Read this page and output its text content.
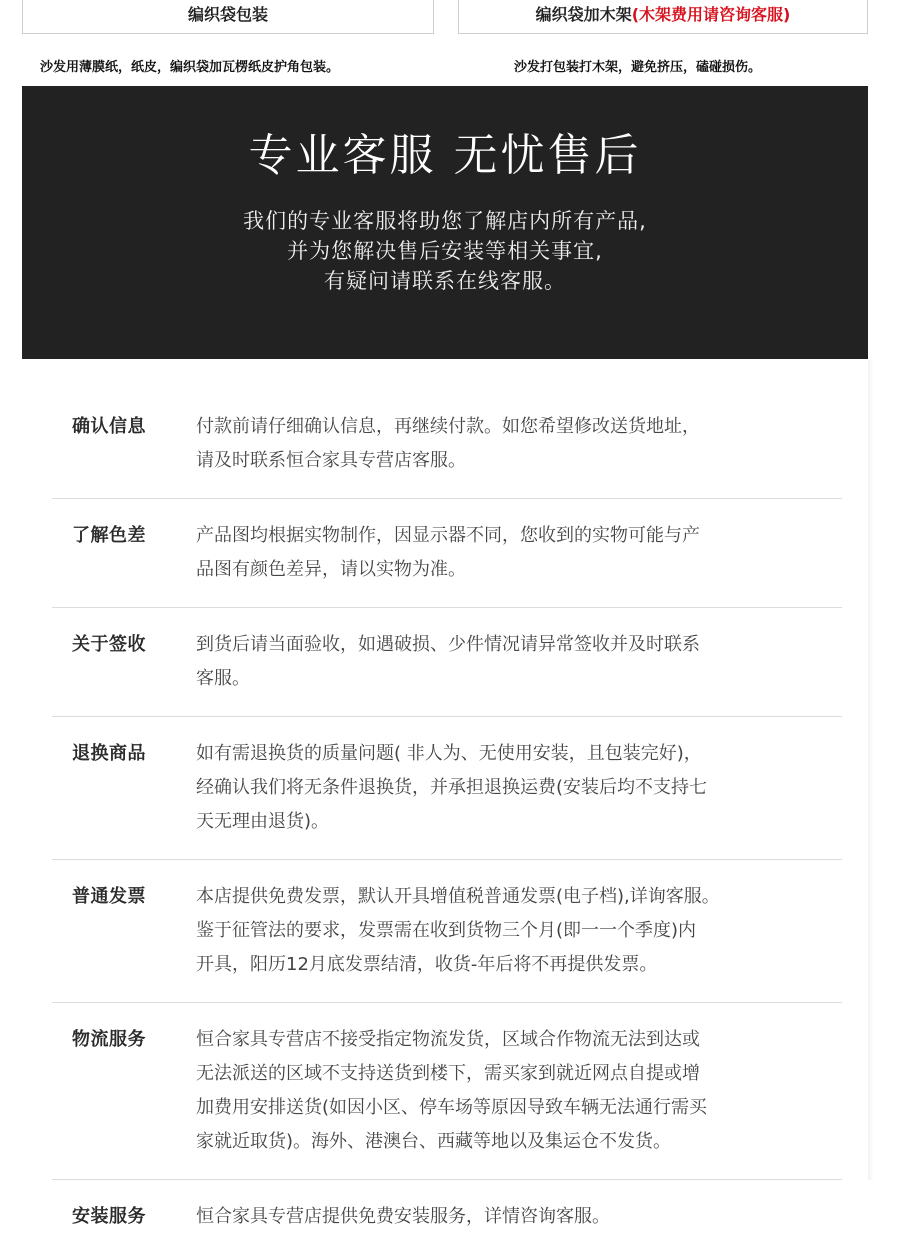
编织袋包装	编织袋加木架 (木架费用请咨询客服)
沙发用薄膜纸，纸皮，编织袋加瓦楞纸皮护角包装。	沙发打包装打木架，避免挤压，磕碰损伤。
专业客服 无忧售后
我们的专业客服将助您了解店内所有产品,
并为您解决售后安装等相关事宜,
有疑问请联系在线客服。
确认信息	付款前请仔细确认信息，再继续付款。如您希望修改送货地址，
请及时联系恒合家具专营店客服。
了解色差	产品图均根据实物制作，因显示器不同，您收到的实物可能与产
品图有颜色差异，请以实物为准。
关于签收	到货后请当面验收，如遇破损、少件情况请异常签收并及时联系
客服。
退换商品	如有需退换货的质量问题( 非人为、无使用安装，且包装完好)，
经确认我们将无条件退换货，并承担退换运费(安装后均不支持七
天无理由退货)。
普通发票	本店提供免费发票，默认开具增值税普通发票(电子档),详询客服。
鉴于征管法的要求，发票需在收到货物三个月(即一一个季度)内
开具，阳历12月底发票结清，收货-年后将不再提供发票。
物流服务	恒合家具专营店不接受指定物流发货，区域合作物流无法到达或
无法派送的区域不支持送货到楼下，需买家到就近网点自提或增
加费用安排送货(如因小区、停车场等原因导致车辆无法通行需买
家就近取货)。海外、港澳台、西藏等地以及集运仓不发货。
安装服务	恒合家具专营店提供免费安装服务，详情咨询客服。
